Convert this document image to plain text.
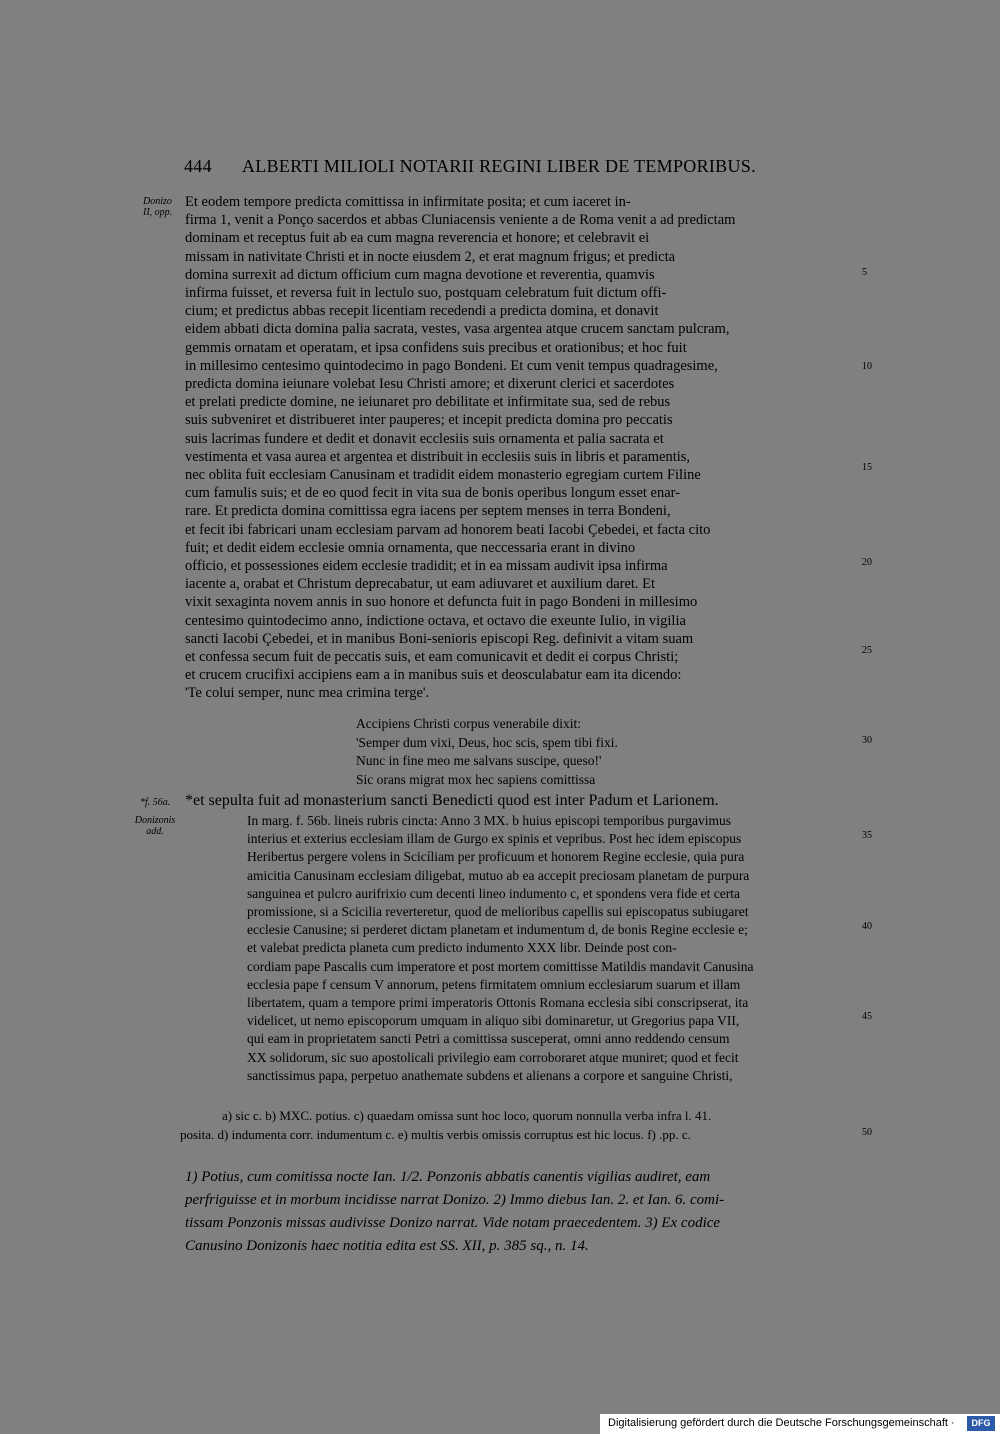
444 ALBERTI MILIOLI NOTARII REGINI LIBER DE TEMPORIBUS.
Donizo
II, opp.
Et eodem tempore predicta comittissa in infirmitate posita; et cum iaceret in-
firma 1, venit a Ponço sacerdos et abbas Cluniacensis veniente a de Roma venit a ad predictam
dominam et receptus fuit ab ea cum magna reverencia et honore; et celebravit ei
missam in nativitate Christi et in nocte eiusdem 2, et erat magnum frigus; et predicta
domina surrexit ad dictum officium cum magna devotione et reverentia, quamvis
infirma fuisset, et reversa fuit in lectulo suo, postquam celebratum fuit dictum offi-
cium; et predictus abbas recepit licentiam recedendi a predicta domina, et donavit
eidem abbati dicta domina palia sacrata, vestes, vasa argentea atque crucem sanctam pulcram,
gemmis ornatam et operatam, et ipsa confidens suis precibus et orationibus; et hoc fuit
in millesimo centesimo quintodecimo in pago Bondeni. Et cum venit tempus quadragesime,
predicta domina ieiunare volebat Iesu Christi amore; et dixerunt clerici et sacerdotes
et prelati predicte domine, ne ieiunaret pro debilitate et infirmitate sua, sed de rebus
suis subveniret et distribueret inter pauperes; et incepit predicta domina pro peccatis
suis lacrimas fundere et dedit et donavit ecclesiis suis ornamenta et palia sacrata et
vestimenta et vasa aurea et argentea et distribuit in ecclesiis suis in libris et paramentis,
nec oblita fuit ecclesiam Canusinam et tradidit eidem monasterio egregiam curtem Filine
cum famulis suis; et de eo quod fecit in vita sua de bonis operibus longum esset enar-
rare. Et predicta domina comittissa egra iacens per septem menses in terra Bondeni,
et fecit ibi fabricari unam ecclesiam parvam ad honorem beati Iacobi Çebedei, et facta cito
fuit; et dedit eidem ecclesie omnia ornamenta, que neccessaria erant in divino
officio, et possessiones eidem ecclesie tradidit; et in ea missam audivit ipsa infirma
iacente a, orabat et Christum deprecabatur, ut eam adiuvaret et auxilium daret. Et
vixit sexaginta novem annis in suo honore et defuncta fuit in pago Bondeni in millesimo
centesimo quintodecimo anno, indictione octava, et octavo die exeunte Iulio, in vigilia
sancti Iacobi Çebedei, et in manibus Boni-senioris episcopi Reg. definivit a vitam suam
et confessa secum fuit de peccatis suis, et eam comunicavit et dedit ei corpus Christi;
et crucem crucifixi accipiens eam a in manibus suis et deosculabatur eam ita dicendo:
'Te colui semper, nunc mea crimina terge'.
5
10
15
20
25
30
35
40
45
50
Accipiens Christi corpus venerabile dixit:
'Semper dum vixi, Deus, hoc scis, spem tibi fixi.
Nunc in fine meo me salvans suscipe, queso!'
Sic orans migrat mox hec sapiens comittissa
*f. 56a. *et sepulta fuit ad monasterium sancti Benedicti quod est inter Padum et Larionem.
Donizonis
add.
In marg. f. 56b. lineis rubris cincta: Anno 3 MX. b huius episcopi temporibus purgavimus
interius et exterius ecclesiam illam de Gurgo ex spinis et vepribus. Post hec idem episcopus
Heribertus pergere volens in Scicíliam per proficuum et honorem Regine ecclesie, quia pura
amicitia Canusinam ecclesiam diligebat, mutuo ab ea accepit preciosam planetam de purpura
sanguinea et pulcro aurifrixio cum decenti lineo indumento c, et spondens vera fide et certa
promissione, si a Scicilia reverteretur, quod de melioribus capellis sui episcopatus subiugaret
ecclesie Canusine; si perderet dictam planetam et indumentum d, de bonis Regine ecclesie e;
et valebat predicta planeta cum predicto indumento XXX libr. Deinde post con-
cordiam pape Pascalis cum imperatore et post mortem comittisse Matildis mandavit Canusina
ecclesia pape f censum V annorum, petens firmitatem omnium ecclesiarum suarum et illam
libertatem, quam a tempore primi imperatoris Ottonis Romana ecclesia sibi conscripserat, ita
videlicet, ut nemo episcoporum umquam in aliquo sibi dominaretur, ut Gregorius papa VII,
qui eam in proprietatem sancti Petri a comittissa susceperat, omni anno reddendo censum
XX solidorum, sic suo apostolicali privilegio eam corroboraret atque muniret; quod et fecit
sanctissimus papa, perpetuo anathemate subdens et alienans a corpore et sanguine Christi,
a) sic c. b) MXC. potius. c) quaedam omissa sunt hoc loco, quorum nonnulla verba infra l. 41.
posita. d) indumenta corr. indumentum c. e) multis verbis omissis corruptus est hic locus. f) .pp. c.
1) Potius, cum comitissa nocte Ian. 1/2. Ponzonis abbatis canentis vigilias audiret, eam
perfriguisse et in morbum incidisse narrat Donizo. 2) Immo diebus Ian. 2. et Ian. 6. comi-
tissam Ponzonis missas audivisse Donizo narrat. Vide notam praecedentem. 3) Ex codice
Canusino Donizonis haec notitia edita est SS. XII, p. 385 sq., n. 14.
Digitalisierung gefördert durch die Deutsche Forschungsgemeinschaft ·	DFG
